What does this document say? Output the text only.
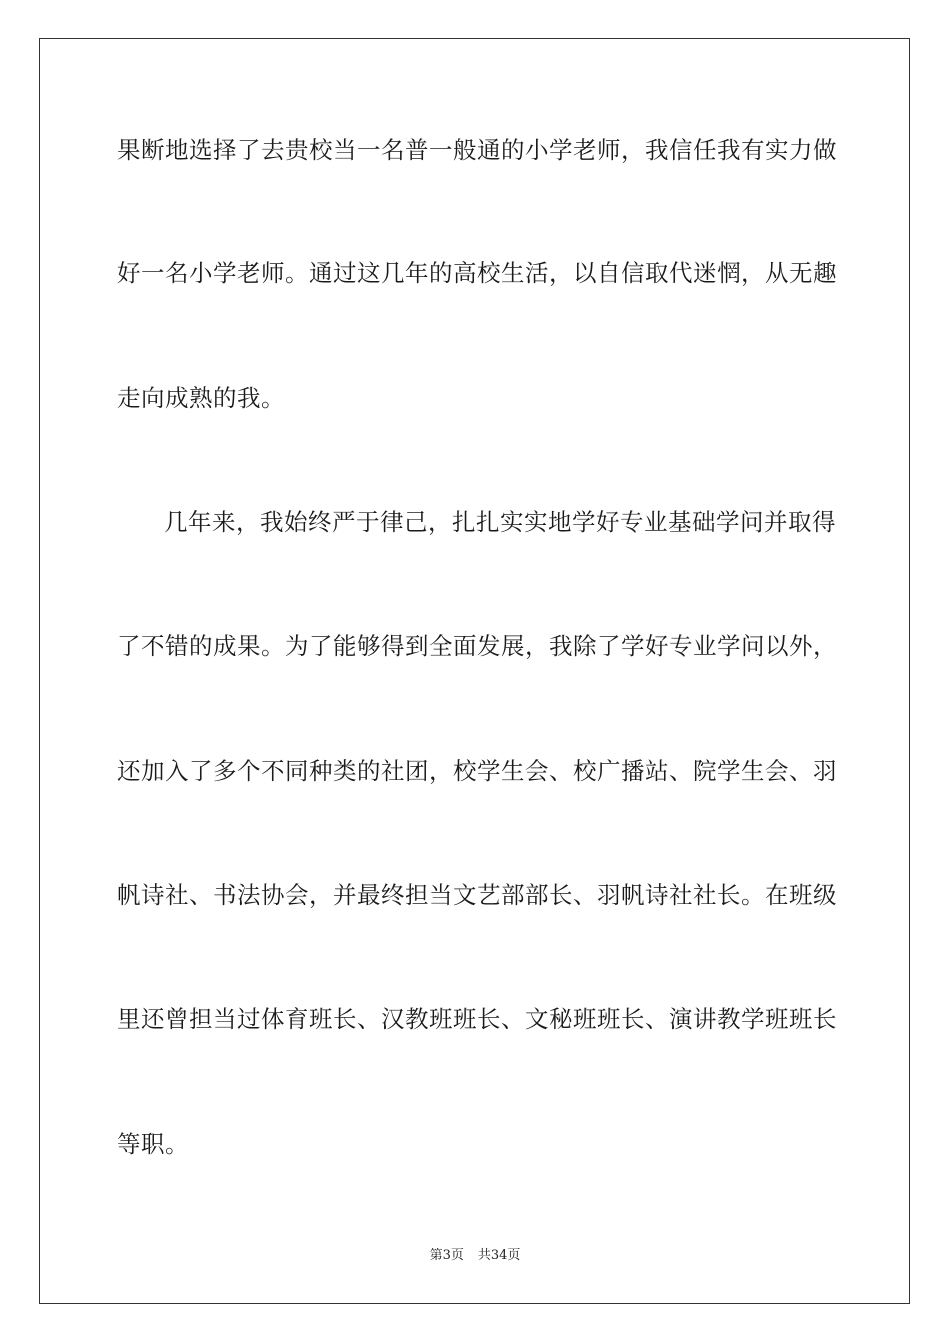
果断地选择了去贵校当一名普一般通的小学老师，我信任我有实力做
好一名小学老师。通过这几年的高校生活，以自信取代迷惘，从无趣
走向成熟的我。
几年来，我始终严于律己，扎扎实实地学好专业基础学问并取得
了不错的成果。为了能够得到全面发展，我除了学好专业学问以外，
还加入了多个不同种类的社团，校学生会、校广播站、院学生会、羽
帆诗社、书法协会，并最终担当文艺部部长、羽帆诗社社长。在班级
里还曾担当过体育班长、汉教班班长、文秘班班长、演讲教学班班长
等职。
第3页 共34页
